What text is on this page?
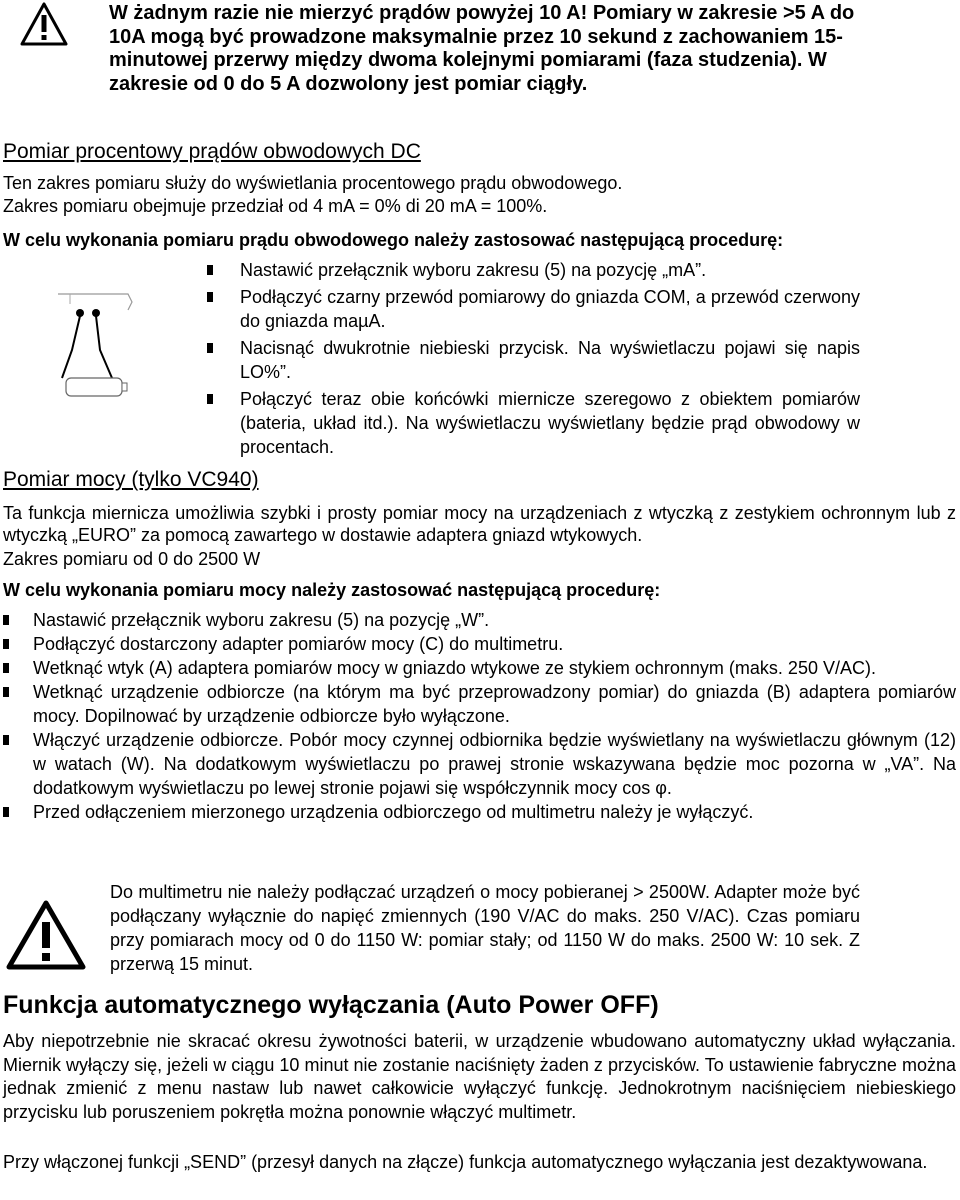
W żadnym razie nie mierzyć prądów powyżej 10 A! Pomiary w zakresie >5 A do 10A mogą być prowadzone maksymalnie przez 10 sekund z zachowaniem 15-minutowej przerwy między dwoma kolejnymi pomiarami (faza studzenia). W zakresie od 0 do 5 A dozwolony jest pomiar ciągły.
Pomiar procentowy prądów obwodowych DC
Ten zakres pomiaru służy do wyświetlania procentowego prądu obwodowego.
Zakres pomiaru obejmuje przedział od 4 mA = 0% di 20 mA = 100%.
W celu wykonania pomiaru prądu obwodowego należy zastosować następującą procedurę:
Nastawić przełącznik wyboru zakresu (5) na pozycję „mA”.
Podłączyć czarny przewód pomiarowy do gniazda COM, a przewód czerwony do gniazda maµA.
Nacisnąć dwukrotnie niebieski przycisk. Na wyświetlaczu pojawi się napis LO%”.
Połączyć teraz obie końcówki miernicze szeregowo z obiektem pomiarów (bateria, układ itd.). Na wyświetlaczu wyświetlany będzie prąd obwodowy w procentach.
Pomiar mocy (tylko VC940)
Ta funkcja miernicza umożliwia szybki i prosty pomiar mocy na urządzeniach z wtyczką z zestykiem ochronnym lub z wtyczką „EURO” za pomocą zawartego w dostawie adaptera gniazd wtykowych.
Zakres pomiaru od 0 do 2500 W
W celu wykonania pomiaru mocy należy zastosować następującą procedurę:
Nastawić przełącznik wyboru zakresu (5) na pozycję „W”.
Podłączyć dostarczony adapter pomiarów mocy (C) do multimetru.
Wetknąć wtyk (A) adaptera pomiarów mocy w gniazdo wtykowe ze stykiem ochronnym (maks. 250 V/AC).
Wetknąć urządzenie odbiorcze (na którym ma być przeprowadzony pomiar) do gniazda (B) adaptera pomiarów mocy. Dopilnować by urządzenie odbiorcze było wyłączone.
Włączyć urządzenie odbiorcze. Pobór mocy czynnej odbiornika będzie wyświetlany na wyświetlaczu głównym (12) w watach (W). Na dodatkowym wyświetlaczu po prawej stronie wskazywana będzie moc pozorna w „VA”. Na dodatkowym wyświetlaczu po lewej stronie pojawi się współczynnik mocy cos φ.
Przed odłączeniem mierzonego urządzenia odbiorczego od multimetru należy je wyłączyć.
Do multimetru nie należy podłączać urządzeń o mocy pobieranej > 2500W. Adapter może być podłączany wyłącznie do napięć zmiennych (190 V/AC do maks. 250 V/AC). Czas pomiaru przy pomiarach mocy od 0 do 1150 W: pomiar stały; od 1150 W do maks. 2500 W: 10 sek. Z przerwą 15 minut.
Funkcja automatycznego wyłączania (Auto Power OFF)
Aby niepotrzebnie nie skracać okresu żywotności baterii, w urządzenie wbudowano automatyczny układ wyłączania. Miernik wyłączy się, jeżeli w ciągu 10 minut nie zostanie naciśnięty żaden z przycisków. To ustawienie fabryczne można jednak zmienić z menu nastaw lub nawet całkowicie wyłączyć funkcję. Jednokrotnym naciśnięciem niebieskiego przycisku lub poruszeniem pokrętła można ponownie włączyć multimetr.
Przy włączonej funkcji „SEND” (przesył danych na złącze) funkcja automatycznego wyłączania jest dezaktywowana.
